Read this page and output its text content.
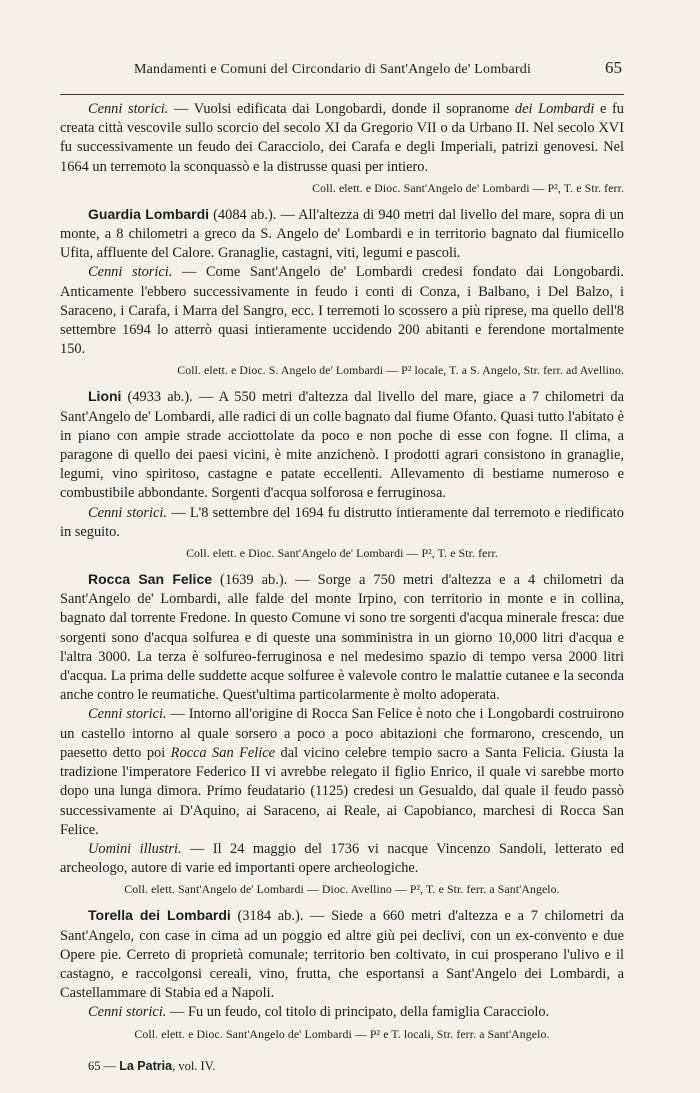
Mandamenti e Comuni del Circondario di Sant'Angelo de' Lombardi	65

Cenni storici. — Vuolsi edificata dai Longobardi, donde il sopranome dei Lombardi e fu creata città vescovile sullo scorcio del secolo XI da Gregorio VII o da Urbano II. Nel secolo XVI fu successivamente un feudo dei Caracciolo, dei Carafa e degli Imperiali, patrizi genovesi. Nel 1664 un terremoto la sconquassò e la distrusse quasi per intiero.

Coll. elett. e Dioc. Sant'Angelo de' Lombardi — P², T. e Str. ferr.

Guardia Lombardi (4084 ab.). — All'altezza di 940 metri dal livello del mare, sopra di un monte, a 8 chilometri a greco da S. Angelo de' Lombardi e in territorio bagnato dal fiumicello Ufita, affluente del Calore. Granaglie, castagni, viti, legumi e pascoli.

Cenni storici. — Come Sant'Angelo de' Lombardi credesi fondato dai Longobardi. Anticamente l'ebbero successivamente in feudo i conti di Conza, i Balbano, i Del Balzo, i Saraceno, i Carafa, i Marra del Sangro, ecc. I terremoti lo scossero a più riprese, ma quello dell'8 settembre 1694 lo atterrò quasi intieramente uccidendo 200 abitanti e ferendone mortalmente 150.

Coll. elett. e Dioc. S. Angelo de' Lombardi — P² locale, T. a S. Angelo, Str. ferr. ad Avellino.

Lioni (4933 ab.). — A 550 metri d'altezza dal livello del mare, giace a 7 chilometri da Sant'Angelo de' Lombardi, alle radici di un colle bagnato dal fiume Ofanto. Quasi tutto l'abitato è in piano con ampie strade acciottolate da poco e non poche di esse con fogne. Il clima, a paragone di quello dei paesi vicini, è mite anzichenò. I prodotti agrari consistono in granaglie, legumi, vino spiritoso, castagne e patate eccellenti. Allevamento di bestiame numeroso e combustibile abbondante. Sorgenti d'acqua solforosa e ferruginosa.

Cenni storici. — L'8 settembre del 1694 fu distrutto intieramente dal terremoto e riedificato in seguito.

Coll. elett. e Dioc. Sant'Angelo de' Lombardi — P², T. e Str. ferr.

Rocca San Felice (1639 ab.). — Sorge a 750 metri d'altezza e a 4 chilometri da Sant'Angelo de' Lombardi, alle falde del monte Irpino, con territorio in monte e in collina, bagnato dal torrente Fredone. In questo Comune vi sono tre sorgenti d'acqua minerale fresca: due sorgenti sono d'acqua solfurea e di queste una somministra in un giorno 10,000 litri d'acqua e l'altra 3000. La terza è solfureo-ferruginosa e nel medesimo spazio di tempo versa 2000 litri d'acqua. La prima delle suddette acque solfuree è valevole contro le malattie cutanee e la seconda anche contro le reumatiche. Quest'ultima particolarmente è molto adoperata.

Cenni storici. — Intorno all'origine di Rocca San Felice è noto che i Longobardi costruirono un castello intorno al quale sorsero a poco a poco abitazioni che formarono, crescendo, un paesetto detto poi Rocca San Felice dal vicino celebre tempio sacro a Santa Felicia. Giusta la tradizione l'imperatore Federico II vi avrebbe relegato il figlio Enrico, il quale vi sarebbe morto dopo una lunga dimora. Primo feudatario (1125) credesi un Gesualdo, dal quale il feudo passò successivamente ai D'Aquino, ai Saraceno, ai Reale, ai Capobianco, marchesi di Rocca San Felice.

Uomini illustri. — Il 24 maggio del 1736 vi nacque Vincenzo Sandoli, letterato ed archeologo, autore di varie ed importanti opere archeologiche.

Coll. elett. Sant'Angelo de' Lombardi — Dioc. Avellino — P², T. e Str. ferr. a Sant'Angelo.

Torella dei Lombardi (3184 ab.). — Siede a 660 metri d'altezza e a 7 chilometri da Sant'Angelo, con case in cima ad un poggio ed altre giù pei declivi, con un ex-convento e due Opere pie. Cerreto di proprietà comunale; territorio ben coltivato, in cui prosperano l'ulivo e il castagno, e raccolgonsi cereali, vino, frutta, che esportansi a Sant'Angelo dei Lombardi, a Castellammare di Stabia ed a Napoli.

Cenni storici. — Fu un feudo, col titolo di principato, della famiglia Caracciolo.

Coll. elett. e Dioc. Sant'Angelo de' Lombardi — P² e T. locali, Str. ferr. a Sant'Angelo.
65 — La Patria, vol. IV.
